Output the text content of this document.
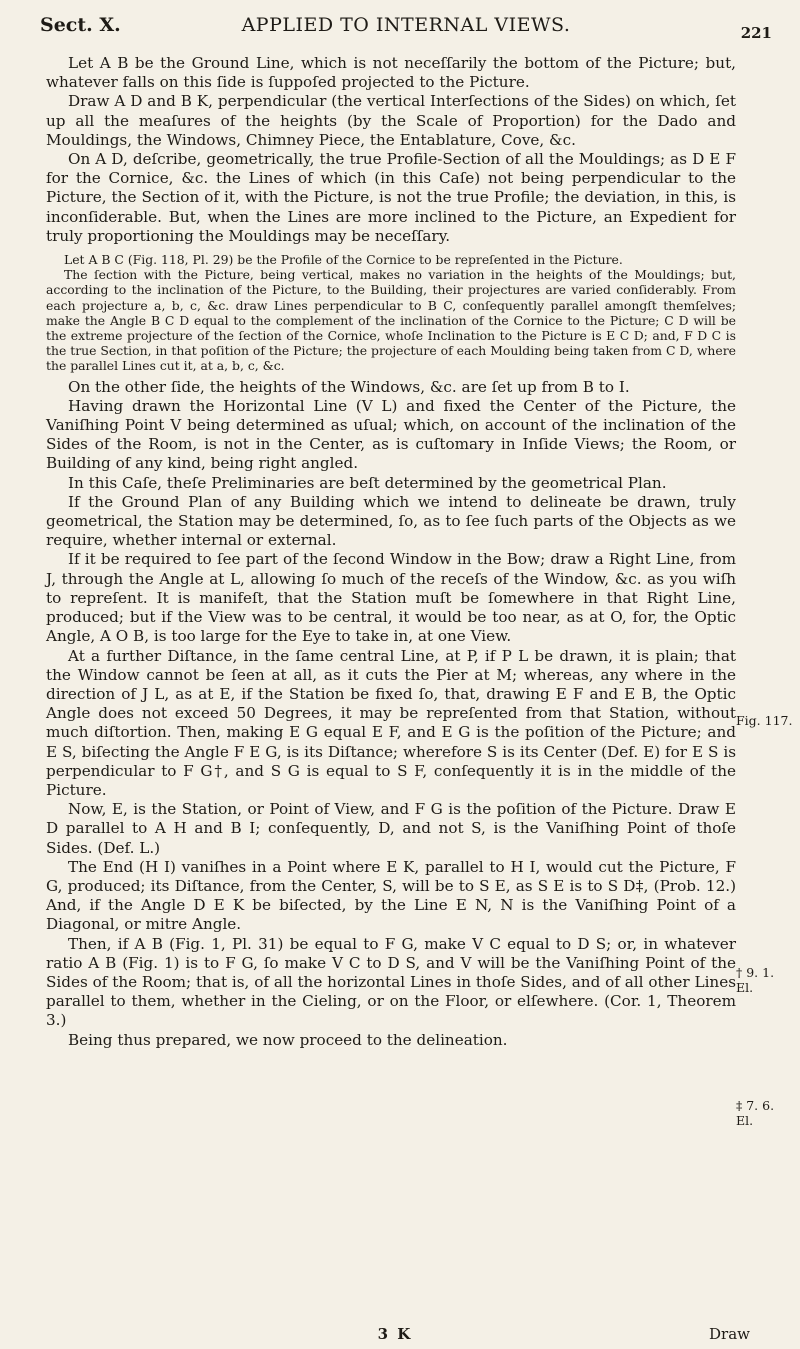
Sect. X.	APPLIED TO INTERNAL VIEWS.	221

Let A B be the Ground Line, which is not neceſſarily the bottom of the Picture; but, whatever falls on this ſide is ſuppoſed projected to the Picture.

Draw A D and B K, perpendicular (the vertical Interſections of the Sides) on which, ſet up all the meaſures of the heights (by the Scale of Proportion) for the Dado and Mouldings, the Windows, Chimney Piece, the Entablature, Cove, &c.

On A D, deſcribe, geometrically, the true Profile-Section of all the Mouldings; as D E F for the Cornice, &c. the Lines of which (in this Caſe) not being perpendicular to the Picture, the Section of it, with the Picture, is not the true Profile; the deviation, in this, is inconſiderable. But, when the Lines are more inclined to the Picture, an Expedient for truly proportioning the Mouldings may be neceſſary.

Let A B C (Fig. 118, Pl. 29) be the Profile of the Cornice to be repreſented in the Picture.

The ſection with the Picture, being vertical, makes no variation in the heights of the Mouldings; but, according to the inclination of the Picture, to the Building, their projectures are varied conſiderably. From each projecture a, b, c, &c. draw Lines perpendicular to B C, conſequently parallel amongſt themſelves; make the Angle B C D equal to the complement of the inclination of the Cornice to the Picture; C D will be the extreme projecture of the ſection of the Cornice, whoſe Inclination to the Picture is E C D; and, F D C is the true Section, in that poſition of the Picture; the projecture of each Moulding being taken from C D, where the parallel Lines cut it, at a, b, c, &c.

On the other ſide, the heights of the Windows, &c. are ſet up from B to I.

Having drawn the Horizontal Line (V L) and fixed the Center of the Picture, the Vaniſhing Point V being determined as uſual; which, on account of the inclination of the Sides of the Room, is not in the Center, as is cuſtomary in Inſide Views; the Room, or Building of any kind, being right angled.

In this Caſe, theſe Preliminaries are beſt determined by the geometrical Plan.

If the Ground Plan of any Building which we intend to delineate be drawn, truly geometrical, the Station may be determined, ſo, as to ſee ſuch parts of the Objects as we require, whether internal or external.

If it be required to ſee part of the ſecond Window in the Bow; draw a Right Line, from J, through the Angle at L, allowing ſo much of the receſs of the Window, &c. as you wiſh to repreſent. It is manifeſt, that the Station muſt be ſomewhere in that Right Line, produced; but if the View was to be central, it would be too near, as at O, for, the Optic Angle, A O B, is too large for the Eye to take in, at one View.

At a further Diſtance, in the ſame central Line, at P, if P L be drawn, it is plain; that the Window cannot be ſeen at all, as it cuts the Pier at M; whereas, any where in the direction of J L, as at E, if the Station be fixed ſo, that, drawing E F and E B, the Optic Angle does not exceed 50 Degrees, it may be repreſented from that Station, without much diſtortion. Then, making E G equal E F, and E G is the poſition of the Picture; and E S, biſecting the Angle F E G, is its Diſtance; wherefore S is its Center (Def. E) for E S is perpendicular to F G†, and S G is equal to S F, conſequently it is in the middle of the Picture.

Now, E, is the Station, or Point of View, and F G is the poſition of the Picture. Draw E D parallel to A H and B I; conſequently, D, and not S, is the Vaniſhing Point of thoſe Sides. (Def. L.)

The End (H I) vaniſhes in a Point where E K, parallel to H I, would cut the Picture, F G, produced; its Diſtance, from the Center, S, will be to S E, as S E is to S D‡, (Prob. 12.) And, if the Angle D E K be biſected, by the Line E N, N is the Vaniſhing Point of a Diagonal, or mitre Angle.

Then, if A B (Fig. 1, Pl. 31) be equal to F G, make V C equal to D S; or, in whatever ratio A B (Fig. 1) is to F G, ſo make V C to D S, and V will be the Vaniſhing Point of the Sides of the Room; that is, of all the horizontal Lines in thoſe Sides, and of all other Lines parallel to them, whether in the Cieling, or on the Floor, or elſewhere. (Cor. 1, Theorem 3.)

Being thus prepared, we now proceed to the delineation.

Fig. 117.
† 9. 1. El.
‡ 7. 6. El.
3 K	Draw
